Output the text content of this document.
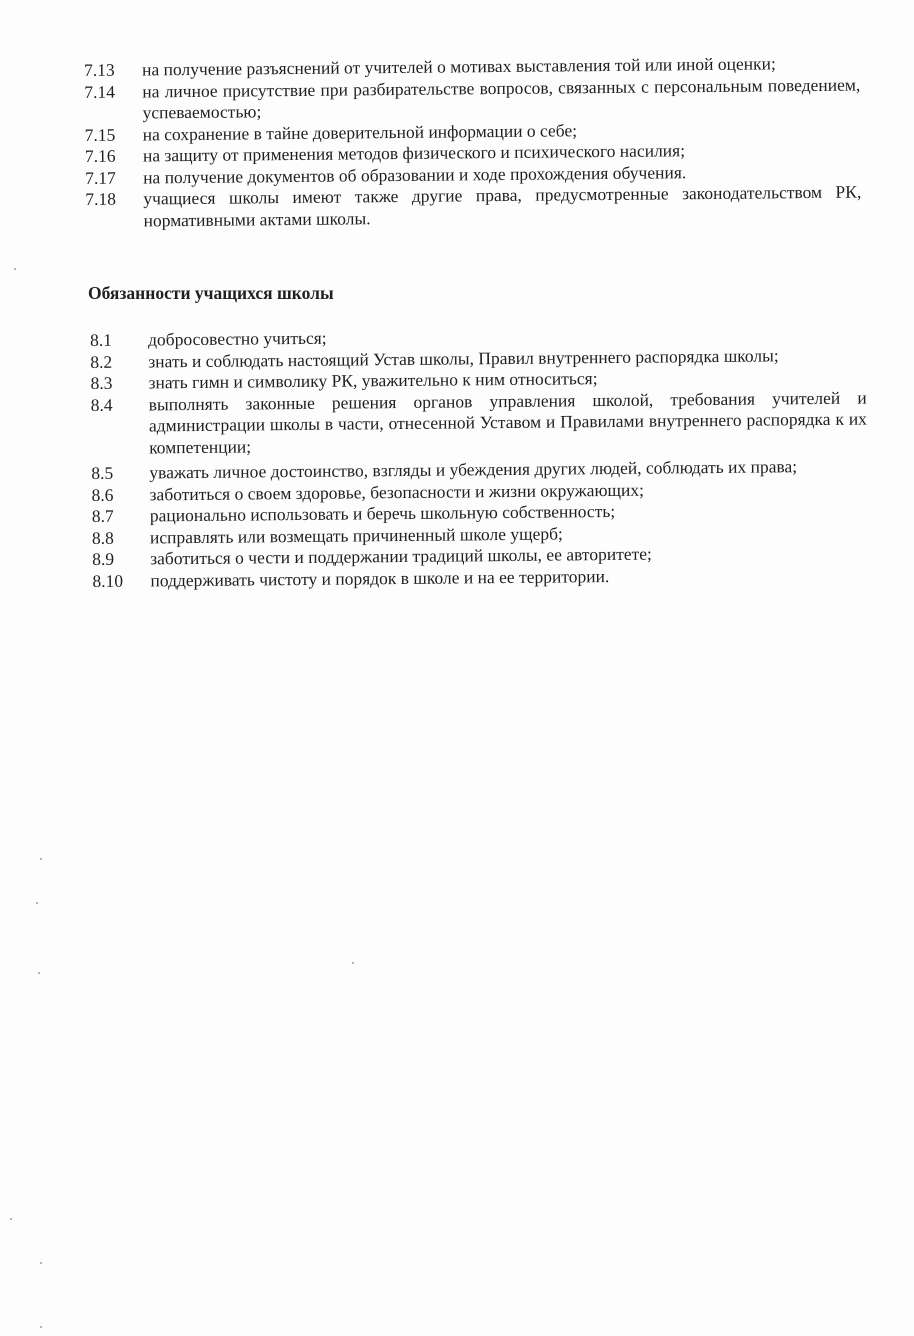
7.13	на получение разъяснений от учителей о мотивах выставления той или иной оценки;
7.14	на личное присутствие при разбирательстве вопросов, связанных с персональным поведением, успеваемостью;
7.15	на сохранение в тайне доверительной информации о себе;
7.16	на защиту от применения методов физического и психического насилия;
7.17	на получение документов об образовании и ходе прохождения обучения.
7.18	учащиеся школы имеют также другие права, предусмотренные законодательством РК, нормативными актами школы.
Обязанности учащихся школы
8.1	добросовестно учиться;
8.2	знать и соблюдать настоящий Устав школы, Правил внутреннего распорядка школы;
8.3	знать гимн и символику РК, уважительно к ним относиться;
8.4	выполнять законные решения органов управления школой, требования учителей и администрации школы в части, отнесенной Уставом и Правилами внутреннего распорядка к их компетенции;
8.5	уважать личное достоинство, взгляды и убеждения других людей, соблюдать их права;
8.6	заботиться о своем здоровье, безопасности и жизни окружающих;
8.7	рационально использовать и беречь школьную собственность;
8.8	исправлять или возмещать причиненный школе ущерб;
8.9	заботиться о чести и поддержании традиций школы, ее авторитете;
8.10	поддерживать чистоту и порядок в школе и на ее территории.
